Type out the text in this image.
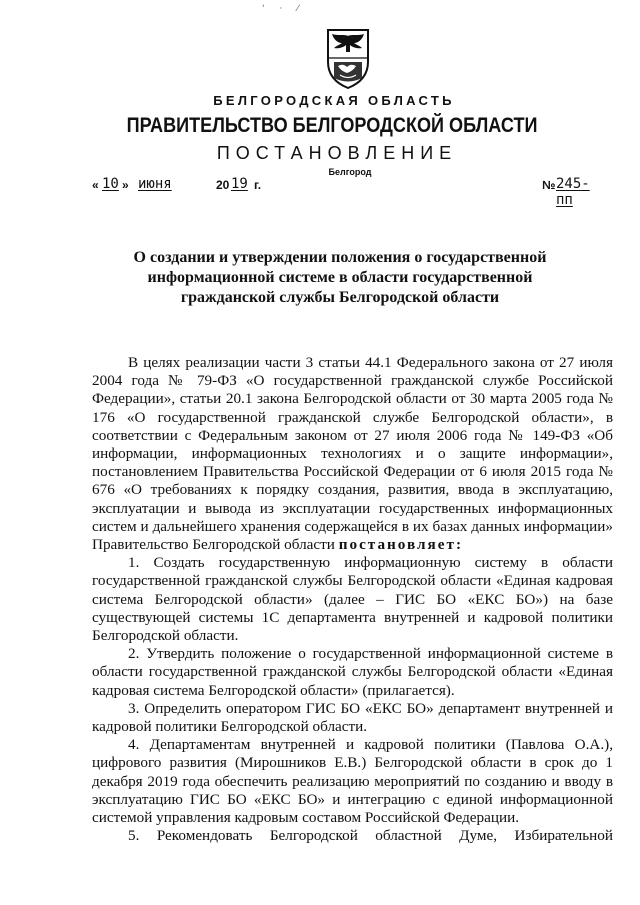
' · ⁄
БЕЛГОРОДСКАЯ ОБЛАСТЬ
ПРАВИТЕЛЬСТВО БЕЛГОРОДСКОЙ ОБЛАСТИ
ПОСТАНОВЛЕНИЕ
Белгород
« 10 » июня	20 19 г.	№ 245-пп
О создании и утверждении положения о государственной
информационной системе в области государственной
гражданской службы Белгородской области

В целях реализации части 3 статьи 44.1 Федерального закона от 27 июля 2004 года № 79-ФЗ «О государственной гражданской службе Российской Федерации», статьи 20.1 закона Белгородской области от 30 марта 2005 года № 176 «О государственной гражданской службе Белгородской области», в соответствии с Федеральным законом от 27 июля 2006 года № 149-ФЗ «Об информации, информационных технологиях и о защите информации», постановлением Правительства Российской Федерации от 6 июля 2015 года № 676 «О требованиях к порядку создания, развития, ввода в эксплуатацию, эксплуатации и вывода из эксплуатации государственных информационных систем и дальнейшего хранения содержащейся в их базах данных информации» Правительство Белгородской области постановляет:

1. Создать государственную информационную систему в области государственной гражданской службы Белгородской области «Единая кадровая система Белгородской области» (далее – ГИС БО «ЕКС БО») на базе существующей системы 1С департамента внутренней и кадровой политики Белгородской области.

2. Утвердить положение о государственной информационной системе в области государственной гражданской службы Белгородской области «Единая кадровая система Белгородской области» (прилагается).

3. Определить оператором ГИС БО «ЕКС БО» департамент внутренней и кадровой политики Белгородской области.

4. Департаментам внутренней и кадровой политики (Павлова О.А.), цифрового развития (Мирошников Е.В.) Белгородской области в срок до 1 декабря 2019 года обеспечить реализацию мероприятий по созданию и вводу в эксплуатацию ГИС БО «ЕКС БО» и интеграцию с единой информационной системой управления кадровым составом Российской Федерации.

5. Рекомендовать Белгородской областной Думе, Избирательной
